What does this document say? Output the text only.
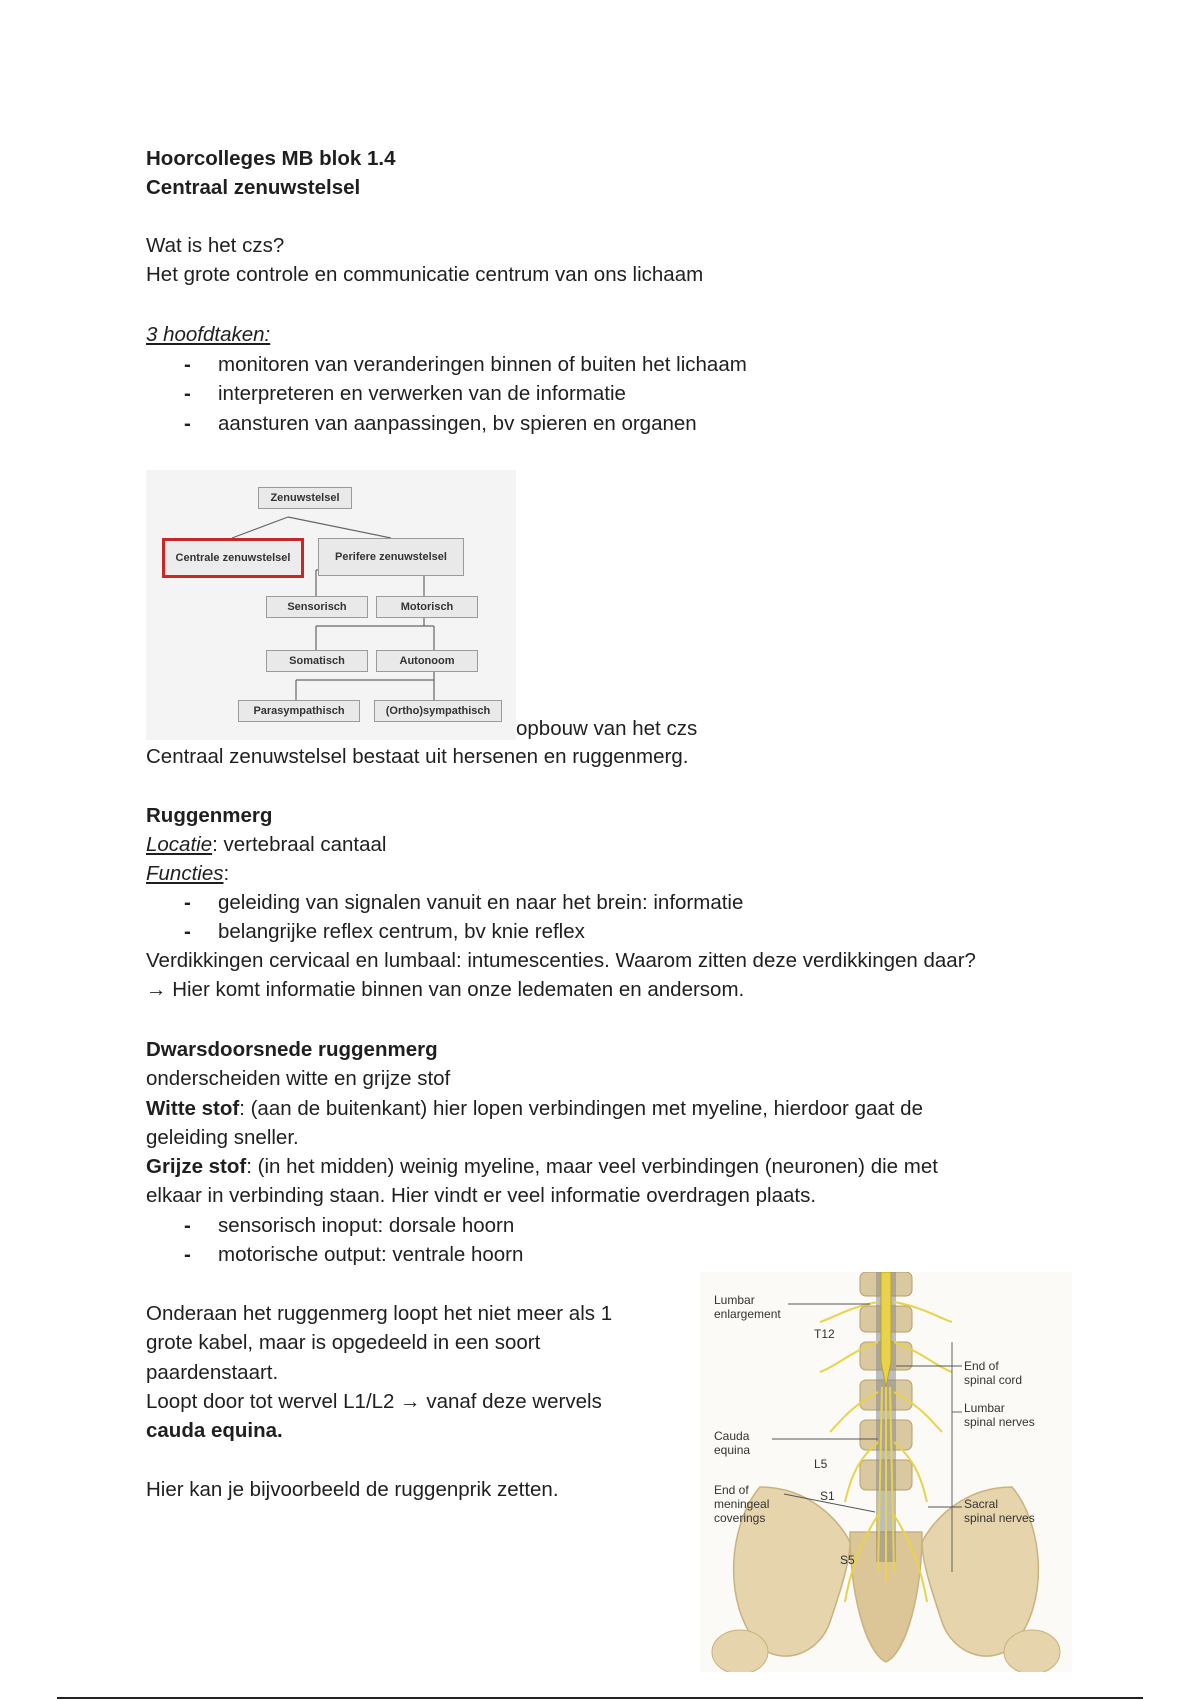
Hoorcolleges MB blok 1.4
Centraal zenuwstelsel
Wat is het czs?
Het grote controle en communicatie centrum van ons lichaam
3 hoofdtaken:
- monitoren van veranderingen binnen of buiten het lichaam
- interpreteren en verwerken van de informatie
- aansturen van aanpassingen, bv spieren en organen
Zenuwstelsel
Centrale zenuwstelsel	Perifere zenuwstelsel
Sensorisch	Motorisch
Somatisch	Autonoom
Parasympathisch	(Ortho)sympathisch
opbouw van het czs
Centraal zenuwstelsel bestaat uit hersenen en ruggenmerg.
Ruggenmerg
Locatie: vertebraal cantaal
Functies:
- geleiding van signalen vanuit en naar het brein: informatie
- belangrijke reflex centrum, bv knie reflex
Verdikkingen cervicaal en lumbaal: intumescenties. Waarom zitten deze verdikkingen daar?
→ Hier komt informatie binnen van onze ledematen en andersom.
Dwarsdoorsnede ruggenmerg
onderscheiden witte en grijze stof
Witte stof: (aan de buitenkant) hier lopen verbindingen met myeline, hierdoor gaat de
geleiding sneller.
Grijze stof: (in het midden) weinig myeline, maar veel verbindingen (neuronen) die met
elkaar in verbinding staan. Hier vindt er veel informatie overdragen plaats.
- sensorisch inoput: dorsale hoorn
- motorische output: ventrale hoorn
Onderaan het ruggenmerg loopt het niet meer als 1
grote kabel, maar is opgedeeld in een soort
paardenstaart.
Loopt door tot wervel L1/L2 → vanaf deze wervels
cauda equina.
Hier kan je bijvoorbeeld de ruggenprik zetten.
Lumbar
enlargement
T12
End of
spinal cord
Lumbar
spinal nerves
Cauda
equina
L5
S1
S5
End of
meningeal
coverings
Sacral
spinal nerves
